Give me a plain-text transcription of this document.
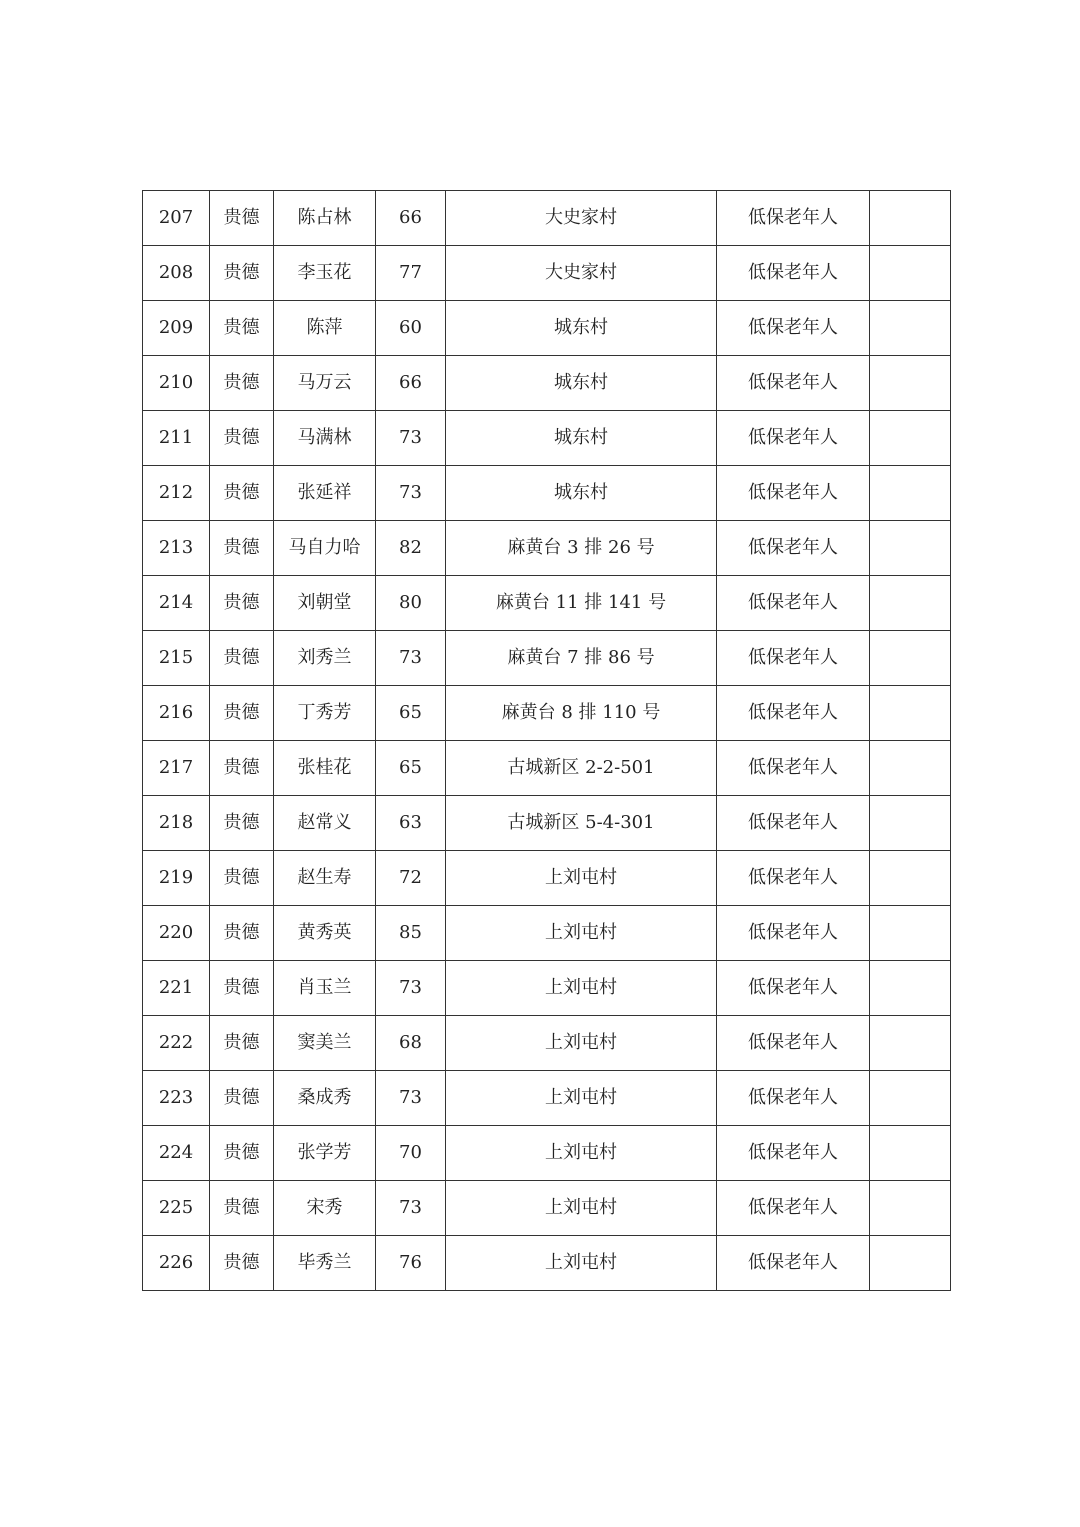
207	贵德	陈占林	66	大史家村	低保老年人	
208	贵德	李玉花	77	大史家村	低保老年人	
209	贵德	陈萍	60	城东村	低保老年人	
210	贵德	马万云	66	城东村	低保老年人	
211	贵德	马满林	73	城东村	低保老年人	
212	贵德	张延祥	73	城东村	低保老年人	
213	贵德	马自力哈	82	麻黄台 3 排 26 号	低保老年人	
214	贵德	刘朝堂	80	麻黄台 11 排 141 号	低保老年人	
215	贵德	刘秀兰	73	麻黄台 7 排 86 号	低保老年人	
216	贵德	丁秀芳	65	麻黄台 8 排 110 号	低保老年人	
217	贵德	张桂花	65	古城新区 2-2-501	低保老年人	
218	贵德	赵常义	63	古城新区 5-4-301	低保老年人	
219	贵德	赵生寿	72	上刘屯村	低保老年人	
220	贵德	黄秀英	85	上刘屯村	低保老年人	
221	贵德	肖玉兰	73	上刘屯村	低保老年人	
222	贵德	窦美兰	68	上刘屯村	低保老年人	
223	贵德	桑成秀	73	上刘屯村	低保老年人	
224	贵德	张学芳	70	上刘屯村	低保老年人	
225	贵德	宋秀	73	上刘屯村	低保老年人	
226	贵德	毕秀兰	76	上刘屯村	低保老年人	
